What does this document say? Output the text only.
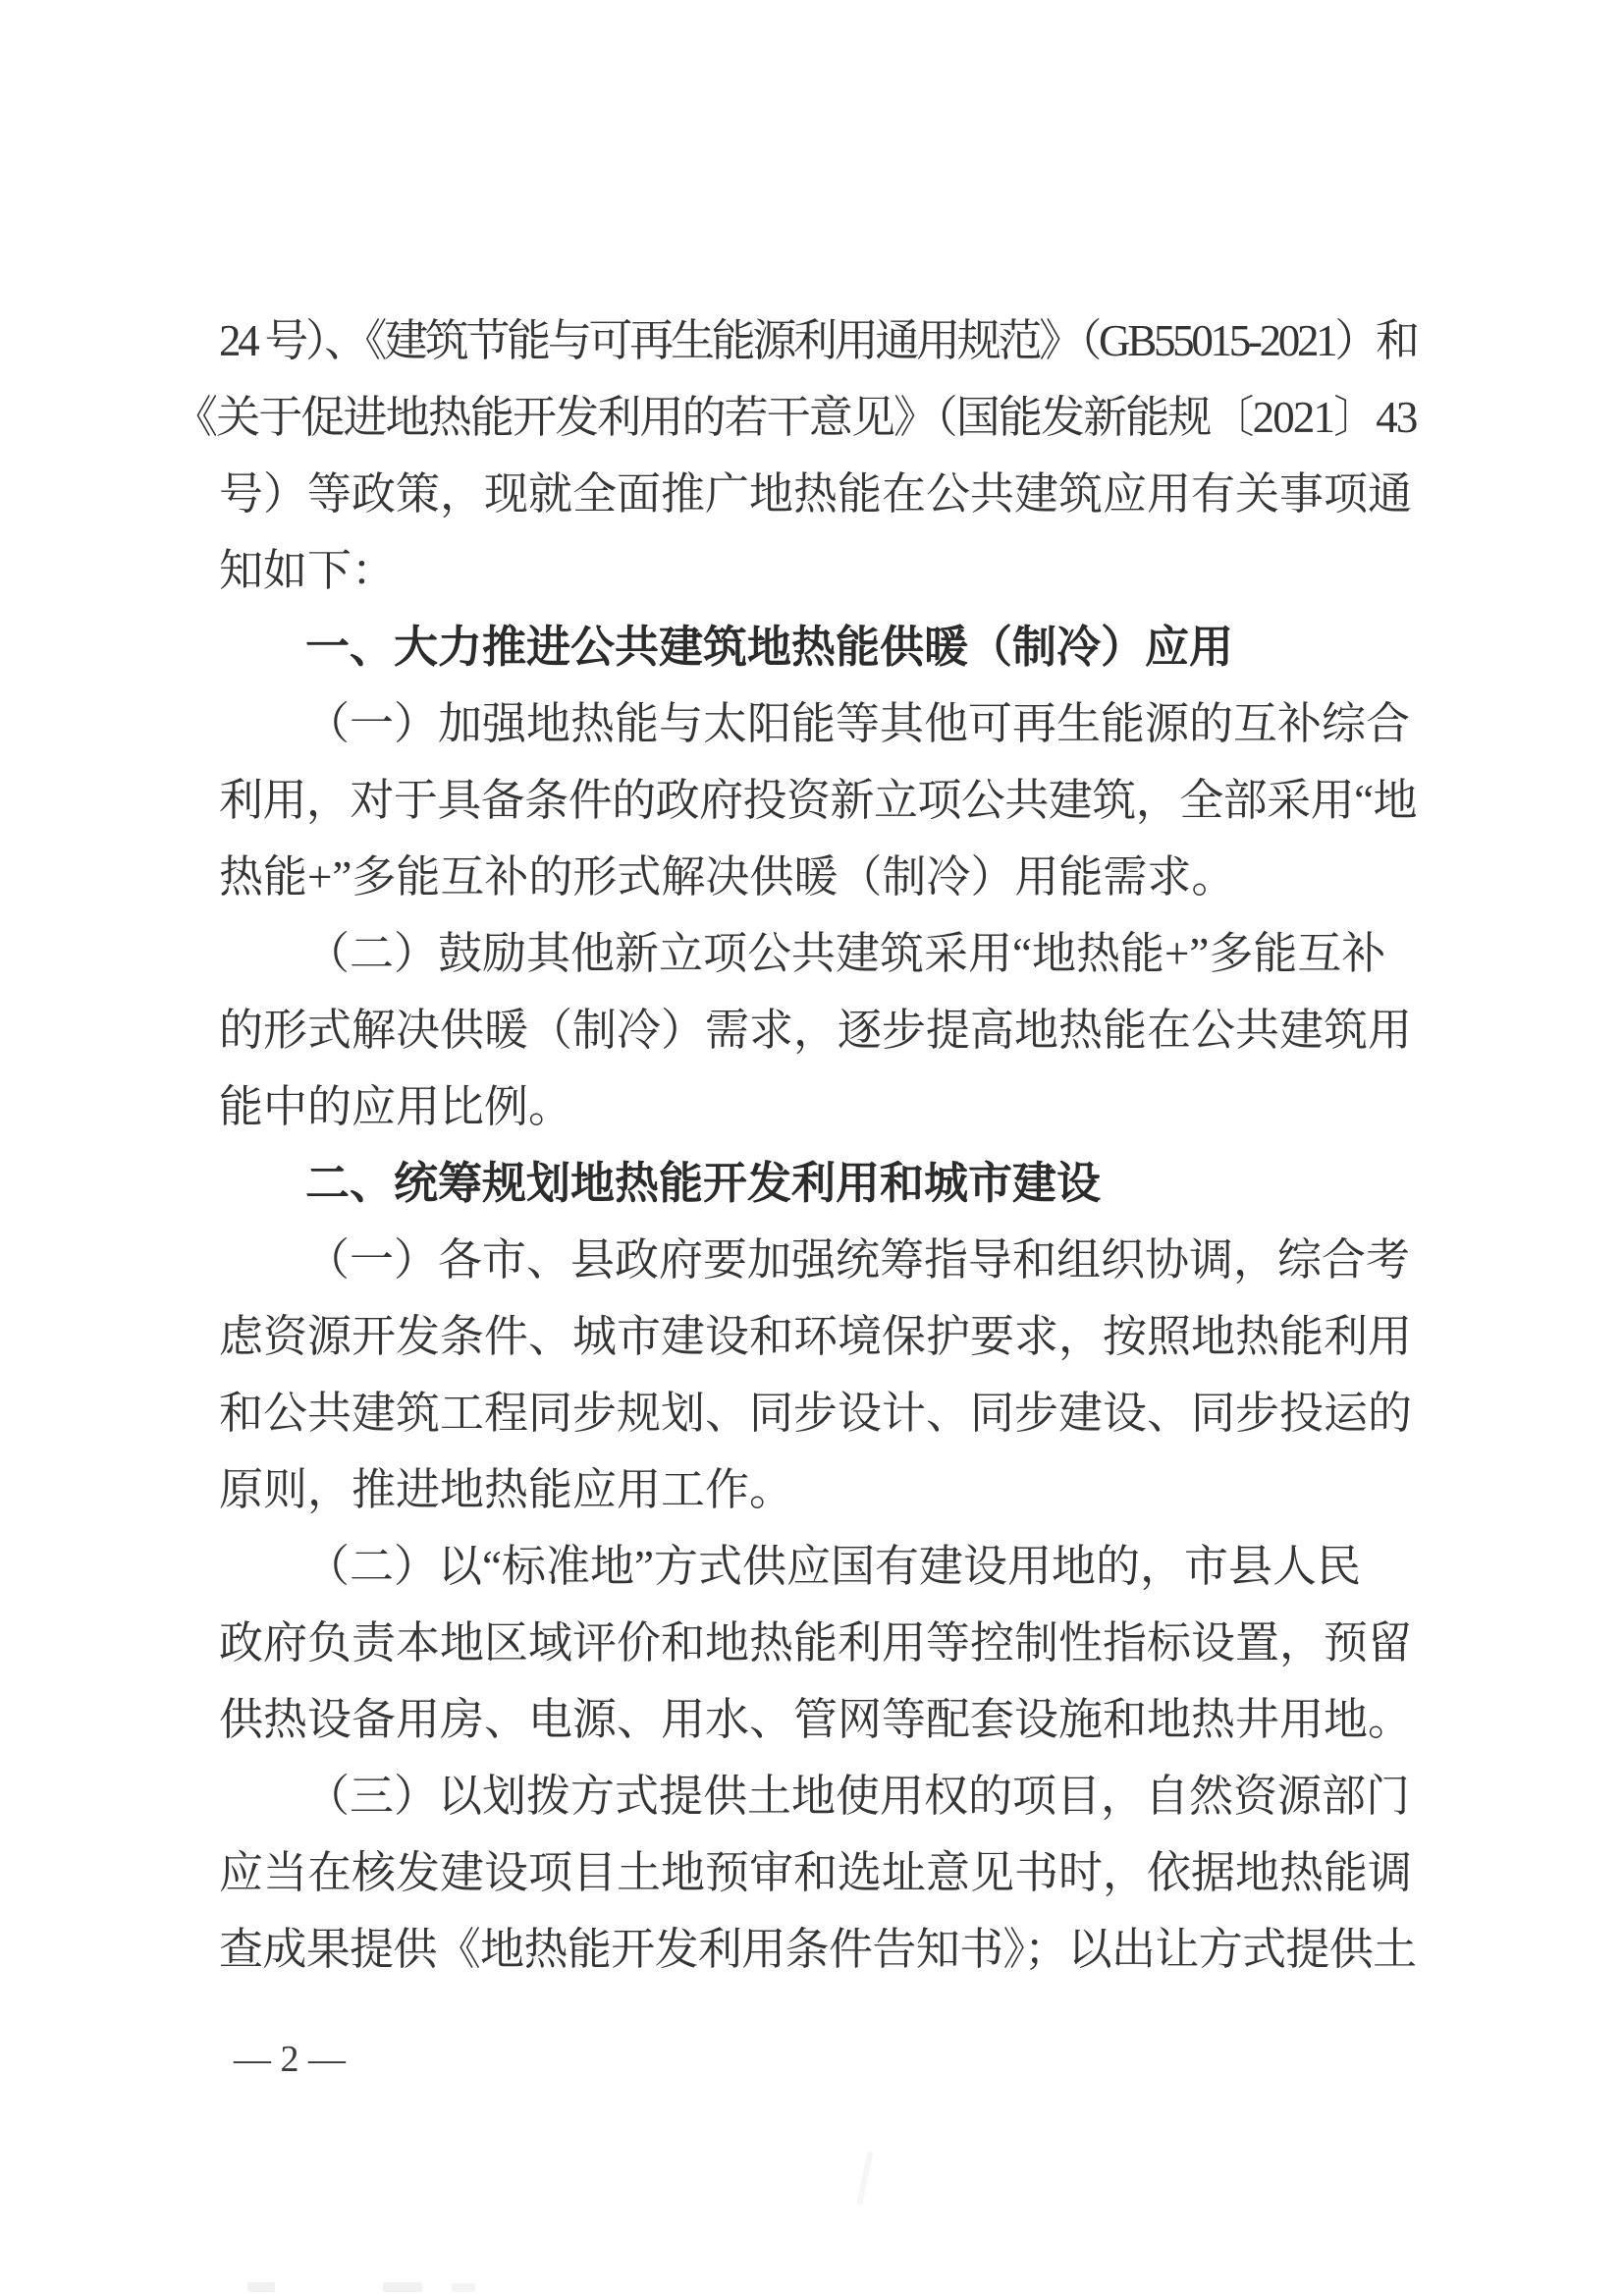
24 号）、《建筑节能与可再生能源利用通用规范》（GB55015-2021）和
《关于促进地热能开发利用的若干意见》（国能发新能规〔2021〕43
号）等政策，现就全面推广地热能在公共建筑应用有关事项通
知如下：
一、大力推进公共建筑地热能供暖（制冷）应用
（一）加强地热能与太阳能等其他可再生能源的互补综合
利用，对于具备条件的政府投资新立项公共建筑，全部采用“地
热能+”多能互补的形式解决供暖（制冷）用能需求。
（二）鼓励其他新立项公共建筑采用“地热能+”多能互补
的形式解决供暖（制冷）需求，逐步提高地热能在公共建筑用
能中的应用比例。
二、统筹规划地热能开发利用和城市建设
（一）各市、县政府要加强统筹指导和组织协调，综合考
虑资源开发条件、城市建设和环境保护要求，按照地热能利用
和公共建筑工程同步规划、同步设计、同步建设、同步投运的
原则，推进地热能应用工作。
（二）以“标准地”方式供应国有建设用地的，市县人民
政府负责本地区域评价和地热能利用等控制性指标设置，预留
供热设备用房、电源、用水、管网等配套设施和地热井用地。
（三）以划拨方式提供土地使用权的项目，自然资源部门
应当在核发建设项目土地预审和选址意见书时，依据地热能调
查成果提供《地热能开发利用条件告知书》；以出让方式提供土
— 2 —
